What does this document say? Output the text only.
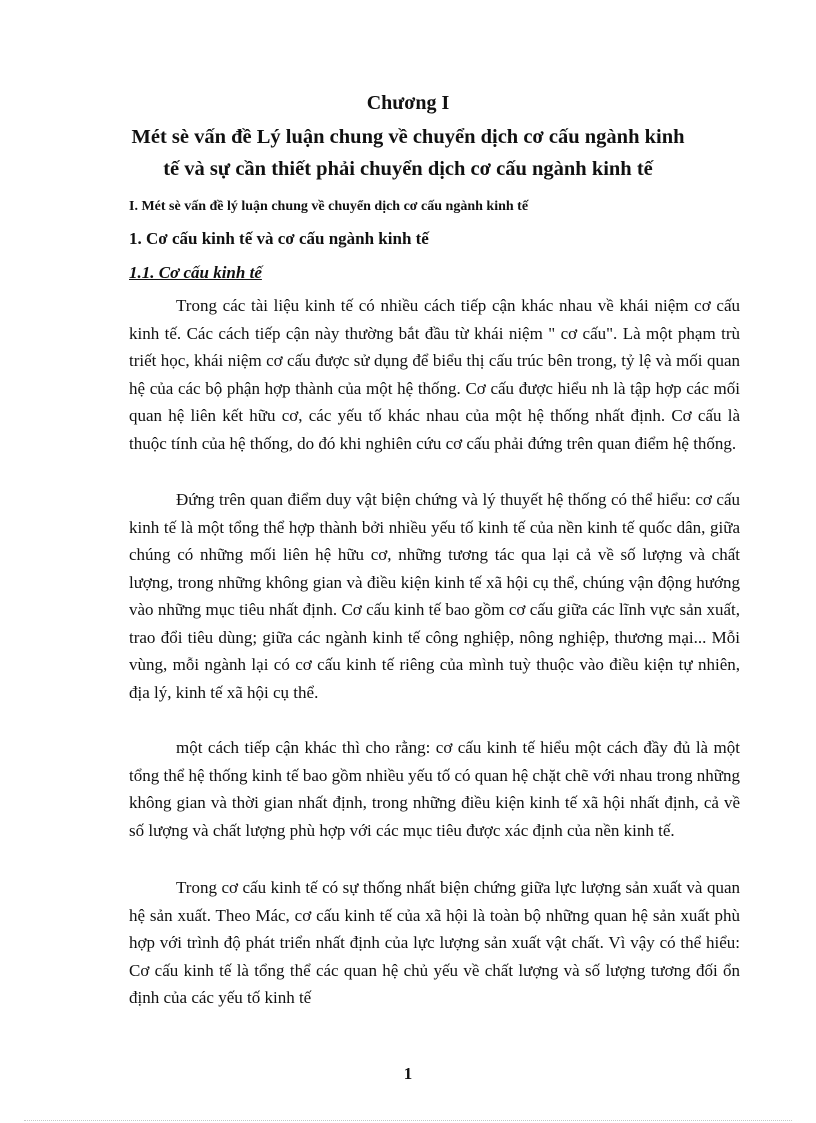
Chương I
Mét sè vấn đề Lý luận chung về chuyển dịch cơ cấu ngành kinh
tế và sự cần thiết phải chuyển dịch cơ cấu ngành kinh tế
I. Mét sè vấn đề lý luận chung về chuyển dịch cơ cấu ngành kinh tế
1. Cơ cấu kinh tế và cơ cấu ngành kinh tế
1.1. Cơ cấu kinh tế

Trong các tài liệu kinh tế có nhiều cách tiếp cận khác nhau về khái niệm cơ cấu kinh tế. Các cách tiếp cận này thường bắt đầu từ khái niệm " cơ cấu". Là một phạm trù triết học, khái niệm cơ cấu được sử dụng để biểu thị cấu trúc bên trong, tỷ lệ và mối quan hệ của các bộ phận hợp thành của một hệ thống. Cơ cấu được hiểu nh là tập hợp các mối quan hệ liên kết hữu cơ, các yếu tố khác nhau của một hệ thống nhất định. Cơ cấu là thuộc tính của hệ thống, do đó khi nghiên cứu cơ cấu phải đứng trên quan điểm hệ thống.

Đứng trên quan điểm duy vật biện chứng và lý thuyết hệ thống có thể hiểu: cơ cấu kinh tế là một tổng thể hợp thành bởi nhiều yếu tố kinh tế của nền kinh tế quốc dân, giữa chúng có những mối liên hệ hữu cơ, những tương tác qua lại cả về số lượng và chất lượng, trong những không gian và điều kiện kinh tế xã hội cụ thể, chúng vận động hướng vào những mục tiêu nhất định. Cơ cấu kinh tế bao gồm cơ cấu giữa các lĩnh vực sản xuất, trao đổi tiêu dùng; giữa các ngành kinh tế công nghiệp, nông nghiệp, thương mại... Mỗi vùng, mỗi ngành lại có cơ cấu kinh tế riêng của mình tuỳ thuộc vào điều kiện tự nhiên, địa lý, kinh tế xã hội cụ thể.

một cách tiếp cận khác thì cho rằng: cơ cấu kinh tế hiểu một cách đầy đủ là một tổng thể hệ thống kinh tế bao gồm nhiều yếu tố có quan hệ chặt chẽ với nhau trong những không gian và thời gian nhất định, trong những điều kiện kinh tế xã hội nhất định, cả về số lượng và chất lượng phù hợp với các mục tiêu được xác định của nền kinh tế.

Trong cơ cấu kinh tế có sự thống nhất biện chứng giữa lực lượng sản xuất và quan hệ sản xuất. Theo Mác, cơ cấu kinh tế của xã hội là toàn bộ những quan hệ sản xuất phù hợp với trình độ phát triển nhất định của lực lượng sản xuất vật chất. Vì vậy có thể hiểu: Cơ cấu kinh tế là tổng thể các quan hệ chủ yếu về chất lượng và số lượng tương đối ổn định của các yếu tố kinh tế

1
